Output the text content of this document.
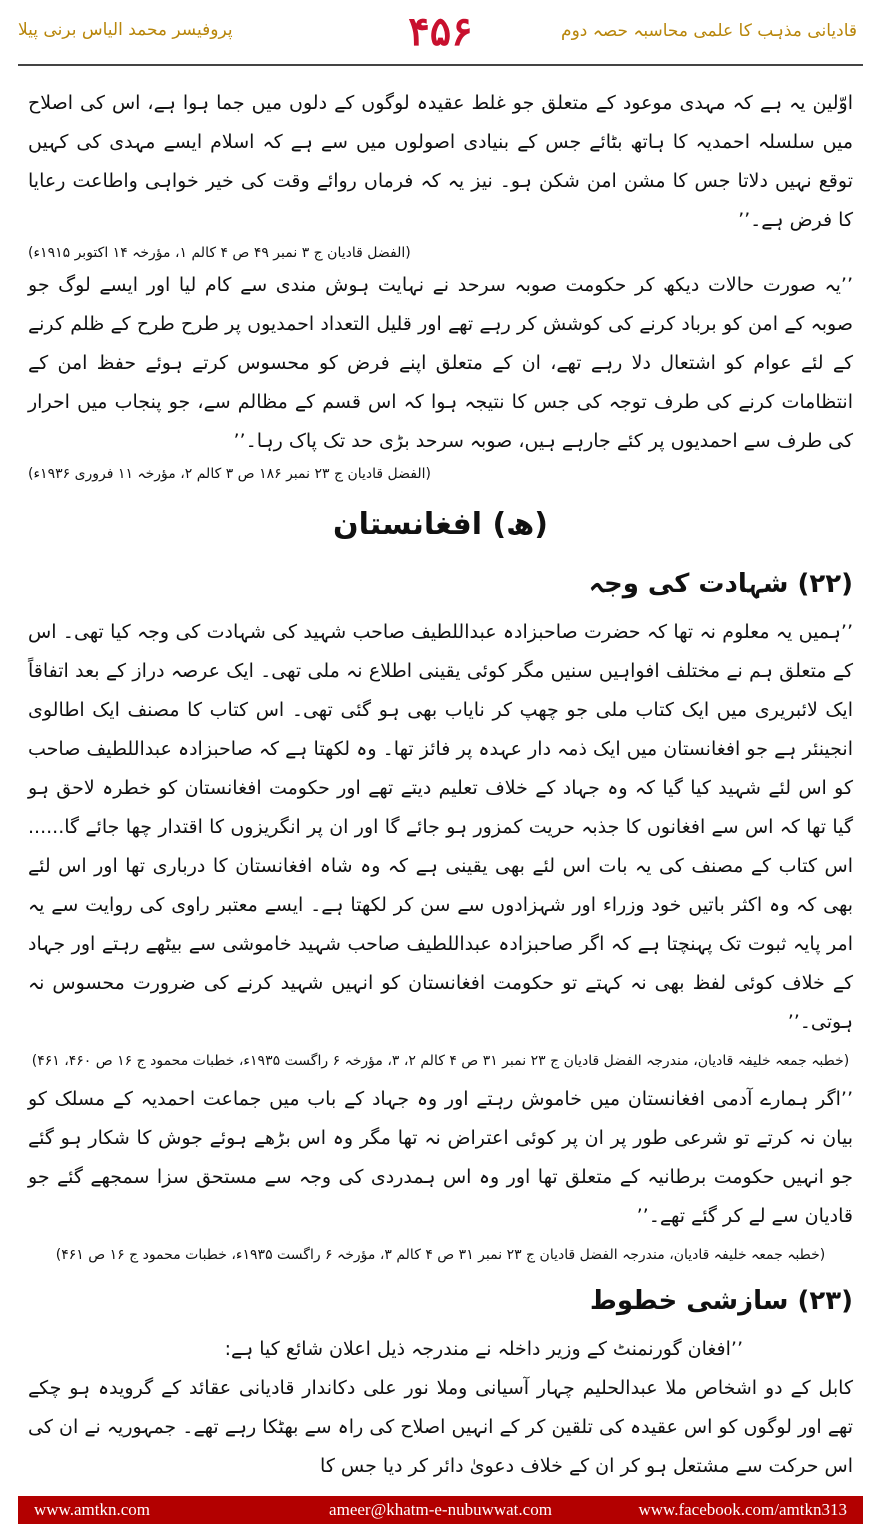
پروفیسر محمد الیاس برنی پیلا	۴۵۶	قادیانی مذہب کا علمی محاسبہ حصہ دوم

اوّلین یہ ہے کہ مہدی موعود کے متعلق جو غلط عقیدہ لوگوں کے دلوں میں جما ہوا ہے، اس کی اصلاح میں سلسلہ احمدیہ کا ہاتھ بٹائے جس کے بنیادی اصولوں میں سے ہے کہ اسلام ایسے مہدی کی کہیں توقع نہیں دلاتا جس کا مشن امن شکن ہو۔ نیز یہ کہ فرماں روائے وقت کی خیر خواہی واطاعت رعایا کا فرض ہے۔’’

(الفضل قادیان ج ۳ نمبر ۴۹ ص ۴ کالم ۱، مؤرخہ ۱۴ اکتوبر ۱۹۱۵ء)

’’یہ صورت حالات دیکھ کر حکومت صوبہ سرحد نے نہایت ہوش مندی سے کام لیا اور ایسے لوگ جو صوبہ کے امن کو برباد کرنے کی کوشش کر رہے تھے اور قلیل التعداد احمدیوں پر طرح طرح کے ظلم کرنے کے لئے عوام کو اشتعال دلا رہے تھے، ان کے متعلق اپنے فرض کو محسوس کرتے ہوئے حفظ امن کے انتظامات کرنے کی طرف توجہ کی جس کا نتیجہ ہوا کہ اس قسم کے مظالم سے، جو پنجاب میں احرار کی طرف سے احمدیوں پر کئے جارہے ہیں، صوبہ سرحد بڑی حد تک پاک رہا۔’’

(الفضل قادیان ج ۲۳ نمبر ۱۸۶ ص ۳ کالم ۲، مؤرخہ ۱۱ فروری ۱۹۳۶ء)

(ھ) افغانستان
(۲۲) شہادت کی وجہ

’’ہمیں یہ معلوم نہ تھا کہ حضرت صاحبزادہ عبداللطیف صاحب شہید کی شہادت کی وجہ کیا تھی۔ اس کے متعلق ہم نے مختلف افواہیں سنیں مگر کوئی یقینی اطلاع نہ ملی تھی۔ ایک عرصہ دراز کے بعد اتفاقاً ایک لائبریری میں ایک کتاب ملی جو چھپ کر نایاب بھی ہو گئی تھی۔ اس کتاب کا مصنف ایک اطالوی انجینئر ہے جو افغانستان میں ایک ذمہ دار عہدہ پر فائز تھا۔ وہ لکھتا ہے کہ صاحبزادہ عبداللطیف صاحب کو اس لئے شہید کیا گیا کہ وہ جہاد کے خلاف تعلیم دیتے تھے اور حکومت افغانستان کو خطرہ لاحق ہو گیا تھا کہ اس سے افغانوں کا جذبہ حریت کمزور ہو جائے گا اور ان پر انگریزوں کا اقتدار چھا جائے گا...... اس کتاب کے مصنف کی یہ بات اس لئے بھی یقینی ہے کہ وہ شاہ افغانستان کا درباری تھا اور اس لئے بھی کہ وہ اکثر باتیں خود وزراء اور شہزادوں سے سن کر لکھتا ہے۔ ایسے معتبر راوی کی روایت سے یہ امر پایہ ثبوت تک پہنچتا ہے کہ اگر صاحبزادہ عبداللطیف صاحب شہید خاموشی سے بیٹھے رہتے اور جہاد کے خلاف کوئی لفظ بھی نہ کہتے تو حکومت افغانستان کو انہیں شہید کرنے کی ضرورت محسوس نہ ہوتی۔’’

(خطبہ جمعہ خلیفہ قادیان، مندرجہ الفضل قادیان ج ۲۳ نمبر ۳۱ ص ۴ کالم ۲، ۳، مؤرخہ ۶ راگست ۱۹۳۵ء، خطبات محمود ج ۱۶ ص ۴۶۰، ۴۶۱)

’’اگر ہمارے آدمی افغانستان میں خاموش رہتے اور وہ جہاد کے باب میں جماعت احمدیہ کے مسلک کو بیان نہ کرتے تو شرعی طور پر ان پر کوئی اعتراض نہ تھا مگر وہ اس بڑھے ہوئے جوش کا شکار ہو گئے جو انہیں حکومت برطانیہ کے متعلق تھا اور وہ اس ہمدردی کی وجہ سے مستحق سزا سمجھے گئے جو قادیان سے لے کر گئے تھے۔’’

(خطبہ جمعہ خلیفہ قادیان، مندرجہ الفضل قادیان ج ۲۳ نمبر ۳۱ ص ۴ کالم ۳، مؤرخہ ۶ راگست ۱۹۳۵ء، خطبات محمود ج ۱۶ ص ۴۶۱)

(۲۳) سازشی خطوط

’’افغان گورنمنٹ کے وزیر داخلہ نے مندرجہ ذیل اعلان شائع کیا ہے:

کابل کے دو اشخاص ملا عبدالحلیم چہار آسیانی وملا نور علی دکاندار قادیانی عقائد کے گرویدہ ہو چکے تھے اور لوگوں کو اس عقیدہ کی تلقین کر کے انہیں اصلاح کی راہ سے بھٹکا رہے تھے۔ جمہوریہ نے ان کی اس حرکت سے مشتعل ہو کر ان کے خلاف دعویٰ دائر کر دیا جس کا

www.amtkn.com	ameer@khatm-e-nubuwwat.com	www.facebook.com/amtkn313
